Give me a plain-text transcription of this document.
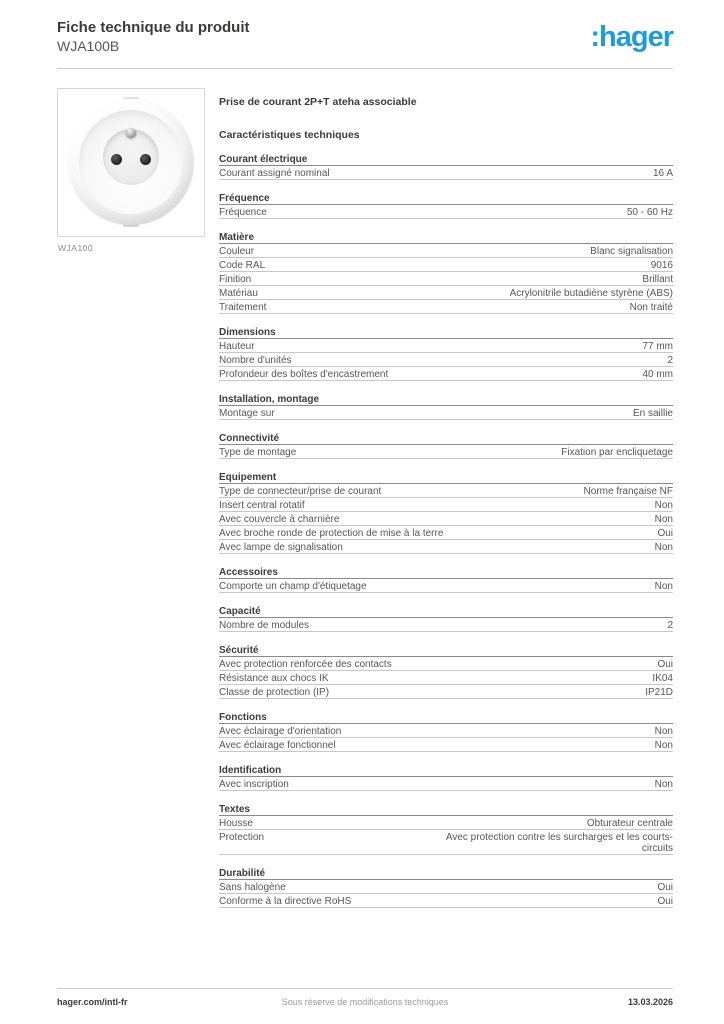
Fiche technique du produit
WJA100B	:hager
WJA100
Prise de courant 2P+T ateha associable
Caractéristiques techniques
Courant électrique
Courant assigné nominal	16 A
Fréquence
Fréquence	50 - 60 Hz
Matière
Couleur	Blanc signalisation
Code RAL	9016
Finition	Brillant
Matériau	Acrylonitrile butadiène styrène (ABS)
Traitement	Non traité
Dimensions
Hauteur	77 mm
Nombre d'unités	2
Profondeur des boîtes d'encastrement	40 mm
Installation, montage
Montage sur	En saillie
Connectivité
Type de montage	Fixation par encliquetage
Equipement
Type de connecteur/prise de courant	Norme française NF
Insert central rotatif	Non
Avec couvercle à charnière	Non
Avec broche ronde de protection de mise à la terre	Oui
Avec lampe de signalisation	Non
Accessoires
Comporte un champ d'étiquetage	Non
Capacité
Nombre de modules	2
Sécurité
Avec protection renforcée des contacts	Oui
Résistance aux chocs IK	IK04
Classe de protection (IP)	IP21D
Fonctions
Avec éclairage d'orientation	Non
Avec éclairage fonctionnel	Non
Identification
Avec inscription	Non
Textes
Housse	Obturateur centrale
Protection	Avec protection contre les surcharges et les courts-circuits
Durabilité
Sans halogène	Oui
Conforme à la directive RoHS	Oui
hager.com/intl-fr	Sous réserve de modifications techniques	13.03.2026
